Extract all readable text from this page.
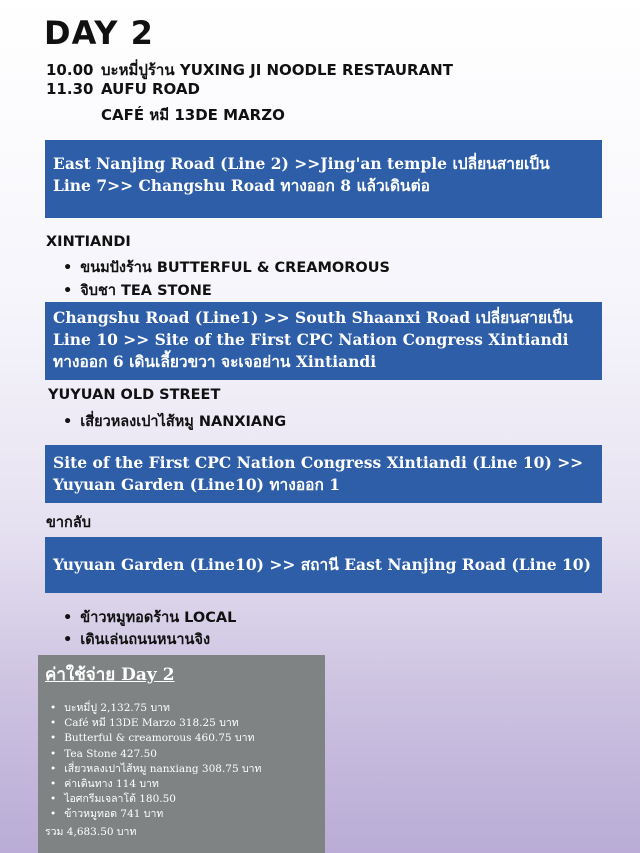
DAY 2
10.00 บะหมี่ปูร้าน YUXING JI NOODLE RESTAURANT
11.30 AUFU ROAD
CAFÉ หมี 13DE MARZO
East Nanjing Road (Line 2) >>Jing'an temple เปลี่ยนสายเป็น
Line 7>> Changshu Road ทางออก 8 แล้วเดินต่อ
XINTIANDI
• ขนมปังร้าน BUTTERFUL & CREAMOROUS
• จิบชา TEA STONE
Changshu Road (Line1) >> South Shaanxi Road เปลี่ยนสายเป็น
Line 10 >> Site of the First CPC Nation Congress Xintiandi
ทางออก 6 เดินเลี้ยวขวา จะเจอย่าน Xintiandi
YUYUAN OLD STREET
• เสี่ยวหลงเปาไส้หมู NANXIANG
Site of the First CPC Nation Congress Xintiandi (Line 10) >>
Yuyuan Garden (Line10) ทางออก 1
ขากลับ
Yuyuan Garden (Line10) >> สถานี East Nanjing Road (Line 10)
• ข้าวหมูทอดร้าน LOCAL
• เดินเล่นถนนหนานจิง
ค่าใช้จ่าย Day 2
• บะหมี่ปู 2,132.75 บาท
• Café หมี 13DE Marzo 318.25 บาท
• Butterful & creamorous 460.75 บาท
• Tea Stone 427.50
• เสี่ยวหลงเปาไส้หมู nanxiang 308.75 บาท
• ค่าเดินทาง 114 บาท
• ไอศกรีมเจลาโต้ 180.50
• ข้าวหมูทอด 741 บาท
รวม 4,683.50 บาท
